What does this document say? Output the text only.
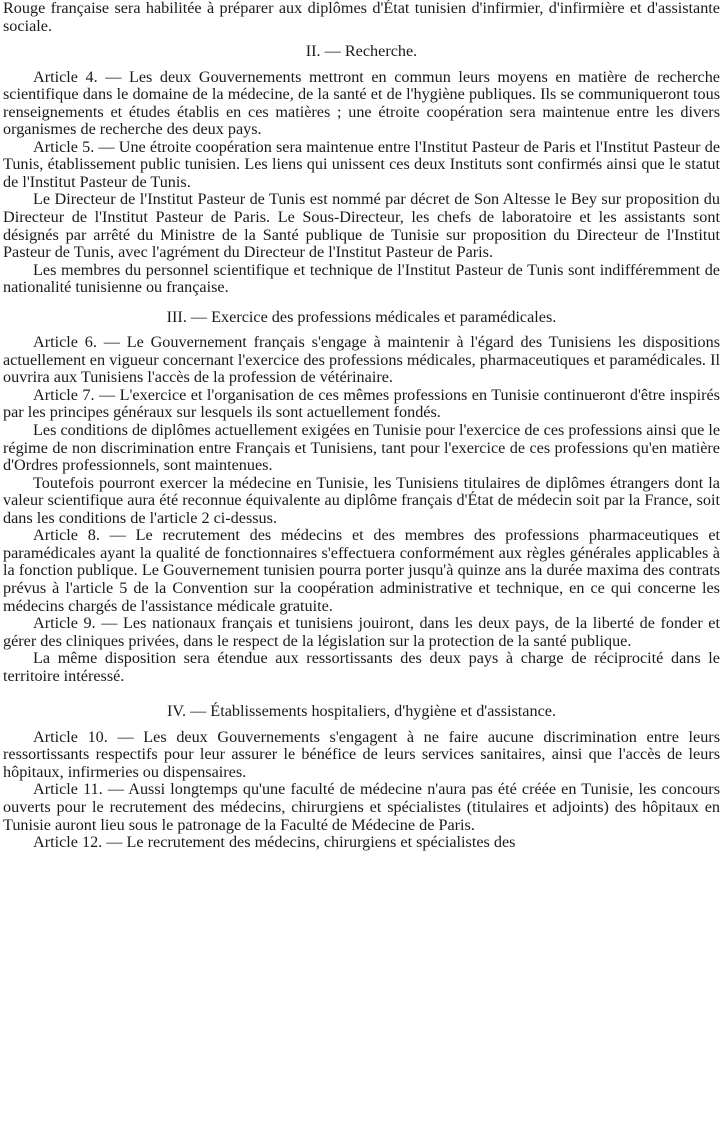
Rouge française sera habilitée à préparer aux diplômes d'État tunisien d'infirmier, d'infirmière et d'assistante sociale.

II. — Recherche.

Article 4. — Les deux Gouvernements mettront en commun leurs moyens en matière de recherche scientifique dans le domaine de la médecine, de la santé et de l'hygiène publiques. Ils se communiqueront tous renseignements et études établis en ces matières ; une étroite coopération sera maintenue entre les divers organismes de recherche des deux pays.

Article 5. — Une étroite coopération sera maintenue entre l'Institut Pasteur de Paris et l'Institut Pasteur de Tunis, établissement public tunisien. Les liens qui unissent ces deux Instituts sont confirmés ainsi que le statut de l'Institut Pasteur de Tunis.

Le Directeur de l'Institut Pasteur de Tunis est nommé par décret de Son Altesse le Bey sur proposition du Directeur de l'Institut Pasteur de Paris. Le Sous-Directeur, les chefs de laboratoire et les assistants sont désignés par arrêté du Ministre de la Santé publique de Tunisie sur proposition du Directeur de l'Institut Pasteur de Tunis, avec l'agrément du Directeur de l'Institut Pasteur de Paris.

Les membres du personnel scientifique et technique de l'Institut Pasteur de Tunis sont indifféremment de nationalité tunisienne ou française.

III. — Exercice des professions médicales et paramédicales.

Article 6. — Le Gouvernement français s'engage à maintenir à l'égard des Tunisiens les dispositions actuellement en vigueur concernant l'exercice des professions médicales, pharmaceutiques et paramédicales. Il ouvrira aux Tunisiens l'accès de la profession de vétérinaire.

Article 7. — L'exercice et l'organisation de ces mêmes professions en Tunisie continueront d'être inspirés par les principes généraux sur lesquels ils sont actuellement fondés.

Les conditions de diplômes actuellement exigées en Tunisie pour l'exercice de ces professions ainsi que le régime de non discrimination entre Français et Tunisiens, tant pour l'exercice de ces professions qu'en matière d'Ordres professionnels, sont maintenues.

Toutefois pourront exercer la médecine en Tunisie, les Tunisiens titulaires de diplômes étrangers dont la valeur scientifique aura été reconnue équivalente au diplôme français d'État de médecin soit par la France, soit dans les conditions de l'article 2 ci-dessus.

Article 8. — Le recrutement des médecins et des membres des professions pharmaceutiques et paramédicales ayant la qualité de fonctionnaires s'effectuera conformément aux règles générales applicables à la fonction publique. Le Gouvernement tunisien pourra porter jusqu'à quinze ans la durée maxima des contrats prévus à l'article 5 de la Convention sur la coopération administrative et technique, en ce qui concerne les médecins chargés de l'assistance médicale gratuite.

Article 9. — Les nationaux français et tunisiens jouiront, dans les deux pays, de la liberté de fonder et gérer des cliniques privées, dans le respect de la législation sur la protection de la santé publique.

La même disposition sera étendue aux ressortissants des deux pays à charge de réciprocité dans le territoire intéressé.

IV. — Établissements hospitaliers, d'hygiène et d'assistance.

Article 10. — Les deux Gouvernements s'engagent à ne faire aucune discrimination entre leurs ressortissants respectifs pour leur assurer le bénéfice de leurs services sanitaires, ainsi que l'accès de leurs hôpitaux, infirmeries ou dispensaires.

Article 11. — Aussi longtemps qu'une faculté de médecine n'aura pas été créée en Tunisie, les concours ouverts pour le recrutement des médecins, chirurgiens et spécialistes (titulaires et adjoints) des hôpitaux en Tunisie auront lieu sous le patronage de la Faculté de Médecine de Paris.

Article 12. — Le recrutement des médecins, chirurgiens et spécialistes des
